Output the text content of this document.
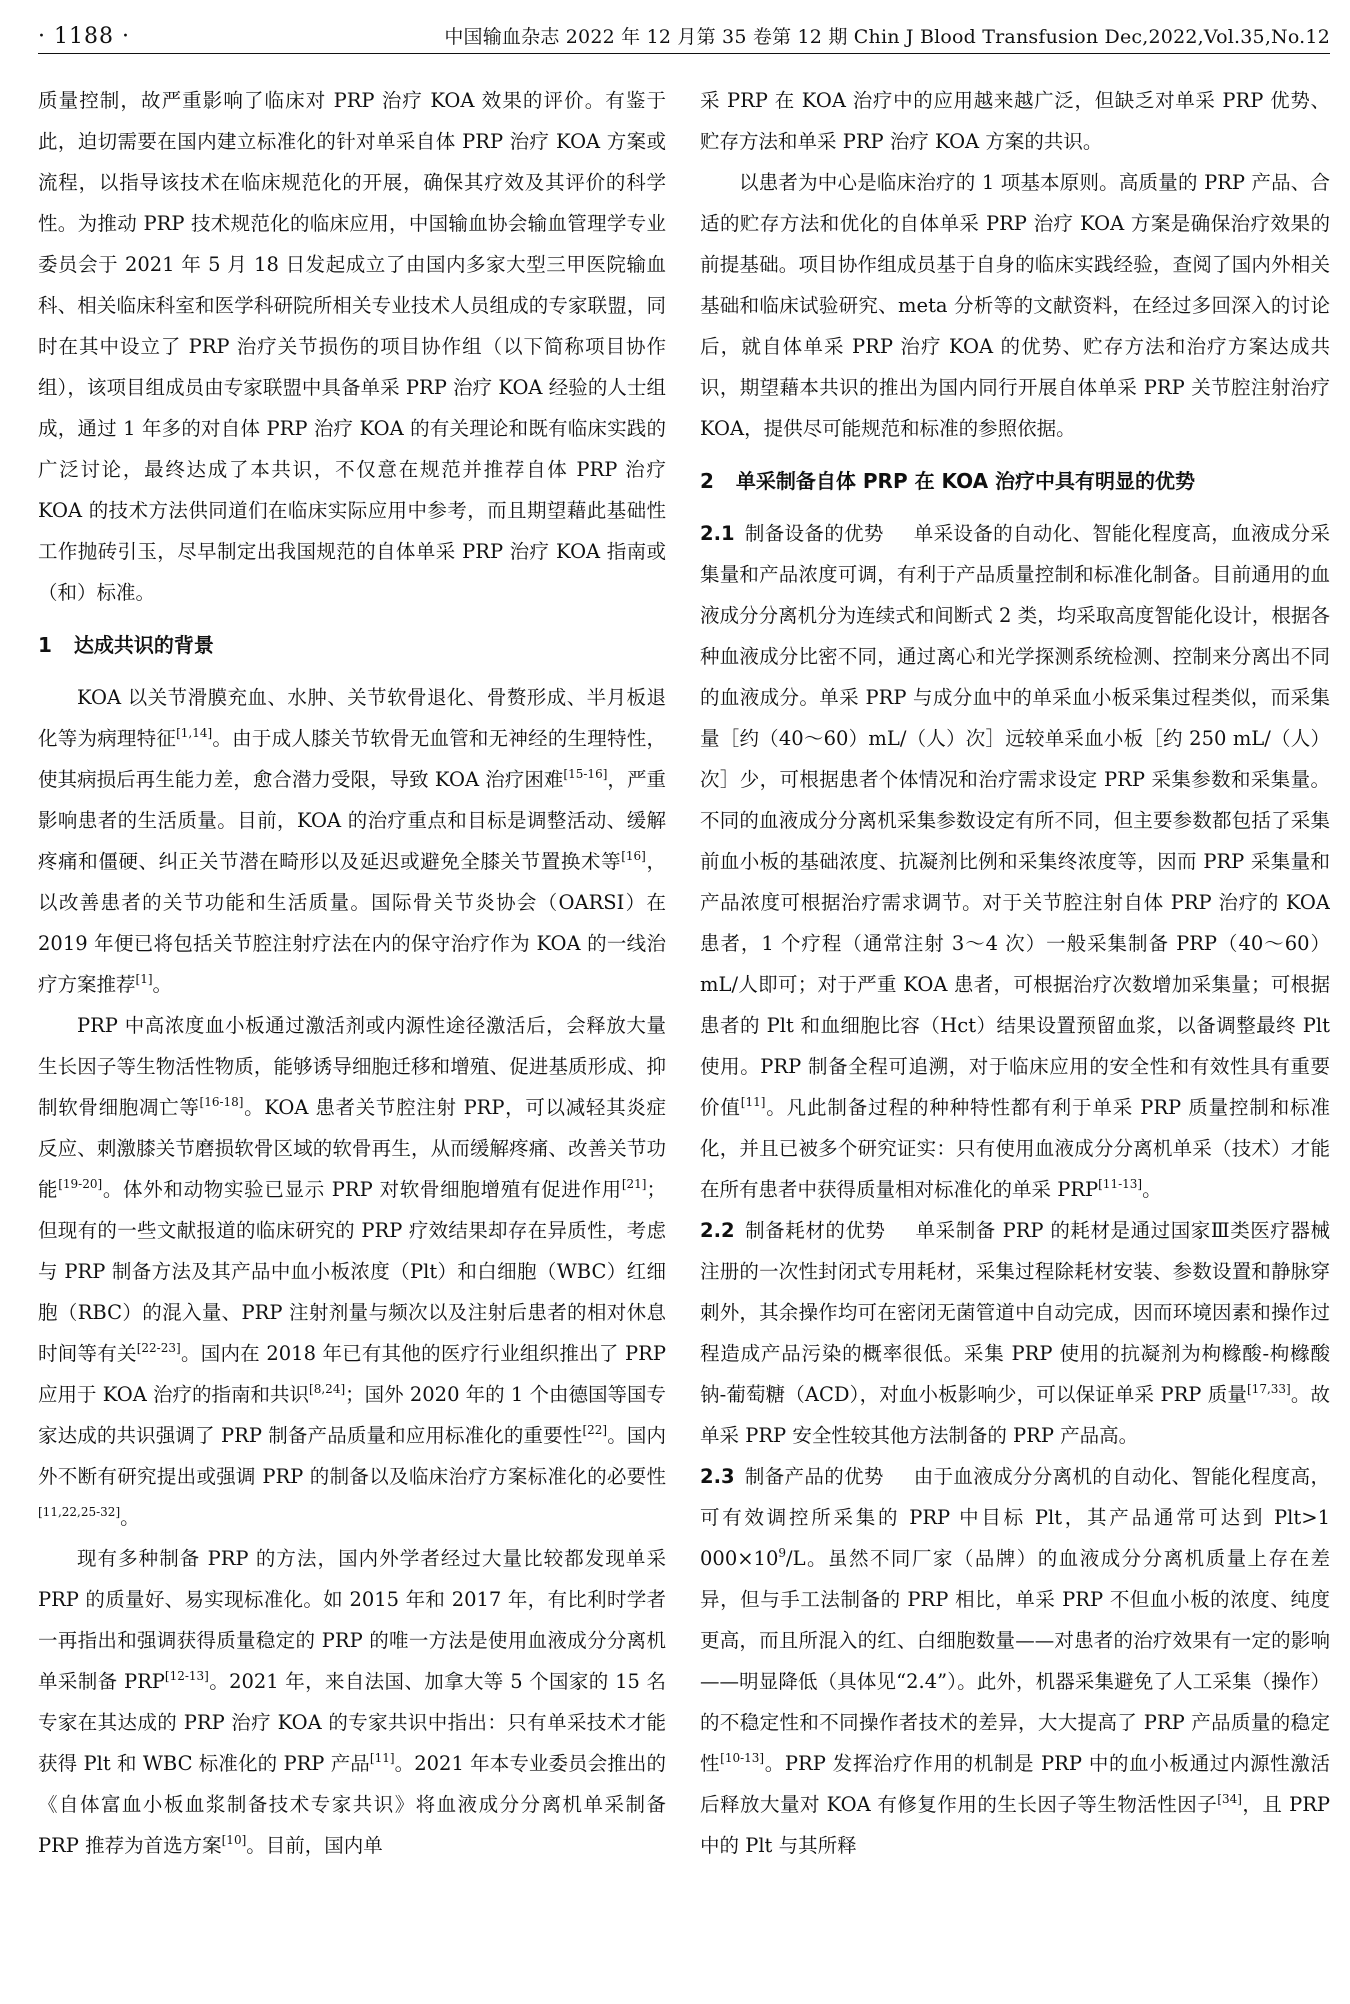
· 1188 ·	中国输血杂志 2022 年 12 月第 35 卷第 12 期 Chin J Blood Transfusion Dec,2022,Vol.35,No.12

质量控制，故严重影响了临床对 PRP 治疗 KOA 效果的评价。有鉴于此，迫切需要在国内建立标准化的针对单采自体 PRP 治疗 KOA 方案或流程，以指导该技术在临床规范化的开展，确保其疗效及其评价的科学性。为推动 PRP 技术规范化的临床应用，中国输血协会输血管理学专业委员会于 2021 年 5 月 18 日发起成立了由国内多家大型三甲医院输血科、相关临床科室和医学科研院所相关专业技术人员组成的专家联盟，同时在其中设立了 PRP 治疗关节损伤的项目协作组（以下简称项目协作组），该项目组成员由专家联盟中具备单采 PRP 治疗 KOA 经验的人士组成，通过 1 年多的对自体 PRP 治疗 KOA 的有关理论和既有临床实践的广泛讨论，最终达成了本共识，不仅意在规范并推荐自体 PRP 治疗 KOA 的技术方法供同道们在临床实际应用中参考，而且期望藉此基础性工作抛砖引玉，尽早制定出我国规范的自体单采 PRP 治疗 KOA 指南或（和）标准。

1 达成共识的背景

KOA 以关节滑膜充血、水肿、关节软骨退化、骨赘形成、半月板退化等为病理特征[1,14]。由于成人膝关节软骨无血管和无神经的生理特性，使其病损后再生能力差，愈合潜力受限，导致 KOA 治疗困难[15-16]，严重影响患者的生活质量。目前，KOA 的治疗重点和目标是调整活动、缓解疼痛和僵硬、纠正关节潜在畸形以及延迟或避免全膝关节置换术等[16]，以改善患者的关节功能和生活质量。国际骨关节炎协会（OARSI）在 2019 年便已将包括关节腔注射疗法在内的保守治疗作为 KOA 的一线治疗方案推荐[1]。

PRP 中高浓度血小板通过激活剂或内源性途径激活后，会释放大量生长因子等生物活性物质，能够诱导细胞迁移和增殖、促进基质形成、抑制软骨细胞凋亡等[16-18]。KOA 患者关节腔注射 PRP，可以减轻其炎症反应、刺激膝关节磨损软骨区域的软骨再生，从而缓解疼痛、改善关节功能[19-20]。体外和动物实验已显示 PRP 对软骨细胞增殖有促进作用[21]；但现有的一些文献报道的临床研究的 PRP 疗效结果却存在异质性，考虑与 PRP 制备方法及其产品中血小板浓度（Plt）和白细胞（WBC）红细胞（RBC）的混入量、PRP 注射剂量与频次以及注射后患者的相对休息时间等有关[22-23]。国内在 2018 年已有其他的医疗行业组织推出了 PRP 应用于 KOA 治疗的指南和共识[8,24]；国外 2020 年的 1 个由德国等国专家达成的共识强调了 PRP 制备产品质量和应用标准化的重要性[22]。国内外不断有研究提出或强调 PRP 的制备以及临床治疗方案标准化的必要性[11,22,25-32]。

现有多种制备 PRP 的方法，国内外学者经过大量比较都发现单采 PRP 的质量好、易实现标准化。如 2015 年和 2017 年，有比利时学者一再指出和强调获得质量稳定的 PRP 的唯一方法是使用血液成分分离机单采制备 PRP[12-13]。2021 年，来自法国、加拿大等 5 个国家的 15 名专家在其达成的 PRP 治疗 KOA 的专家共识中指出：只有单采技术才能获得 Plt 和 WBC 标准化的 PRP 产品[11]。2021 年本专业委员会推出的《自体富血小板血浆制备技术专家共识》将血液成分分离机单采制备 PRP 推荐为首选方案[10]。目前，国内单

采 PRP 在 KOA 治疗中的应用越来越广泛，但缺乏对单采 PRP 优势、贮存方法和单采 PRP 治疗 KOA 方案的共识。

以患者为中心是临床治疗的 1 项基本原则。高质量的 PRP 产品、合适的贮存方法和优化的自体单采 PRP 治疗 KOA 方案是确保治疗效果的前提基础。项目协作组成员基于自身的临床实践经验，查阅了国内外相关基础和临床试验研究、meta 分析等的文献资料，在经过多回深入的讨论后，就自体单采 PRP 治疗 KOA 的优势、贮存方法和治疗方案达成共识，期望藉本共识的推出为国内同行开展自体单采 PRP 关节腔注射治疗 KOA，提供尽可能规范和标准的参照依据。

2 单采制备自体 PRP 在 KOA 治疗中具有明显的优势

2.1 制备设备的优势 单采设备的自动化、智能化程度高，血液成分采集量和产品浓度可调，有利于产品质量控制和标准化制备。目前通用的血液成分分离机分为连续式和间断式 2 类，均采取高度智能化设计，根据各种血液成分比密不同，通过离心和光学探测系统检测、控制来分离出不同的血液成分。单采 PRP 与成分血中的单采血小板采集过程类似，而采集量［约（40～60）mL/（人）次］远较单采血小板［约 250 mL/（人）次］少，可根据患者个体情况和治疗需求设定 PRP 采集参数和采集量。不同的血液成分分离机采集参数设定有所不同，但主要参数都包括了采集前血小板的基础浓度、抗凝剂比例和采集终浓度等，因而 PRP 采集量和产品浓度可根据治疗需求调节。对于关节腔注射自体 PRP 治疗的 KOA 患者，1 个疗程（通常注射 3～4 次）一般采集制备 PRP（40～60）mL/人即可；对于严重 KOA 患者，可根据治疗次数增加采集量；可根据患者的 Plt 和血细胞比容（Hct）结果设置预留血浆，以备调整最终 Plt 使用。PRP 制备全程可追溯，对于临床应用的安全性和有效性具有重要价值[11]。凡此制备过程的种种特性都有利于单采 PRP 质量控制和标准化，并且已被多个研究证实：只有使用血液成分分离机单采（技术）才能在所有患者中获得质量相对标准化的单采 PRP[11-13]。

2.2 制备耗材的优势 单采制备 PRP 的耗材是通过国家Ⅲ类医疗器械注册的一次性封闭式专用耗材，采集过程除耗材安装、参数设置和静脉穿刺外，其余操作均可在密闭无菌管道中自动完成，因而环境因素和操作过程造成产品污染的概率很低。采集 PRP 使用的抗凝剂为枸橼酸-枸橼酸钠-葡萄糖（ACD），对血小板影响少，可以保证单采 PRP 质量[17,33]。故单采 PRP 安全性较其他方法制备的 PRP 产品高。

2.3 制备产品的优势 由于血液成分分离机的自动化、智能化程度高，可有效调控所采集的 PRP 中目标 Plt，其产品通常可达到 Plt>1 $000\times 10^9/L$。虽然不同厂家（品牌）的血液成分分离机质量上存在差异，但与手工法制备的 PRP 相比，单采 PRP 不但血小板的浓度、纯度更高，而且所混入的红、白细胞数量——对患者的治疗效果有一定的影响——明显降低（具体见“2.4”）。此外，机器采集避免了人工采集（操作）的不稳定性和不同操作者技术的差异，大大提高了 PRP 产品质量的稳定性[10-13]。PRP 发挥治疗作用的机制是 PRP 中的血小板通过内源性激活后释放大量对 KOA 有修复作用的生长因子等生物活性因子[34]，且 PRP 中的 Plt 与其所释
